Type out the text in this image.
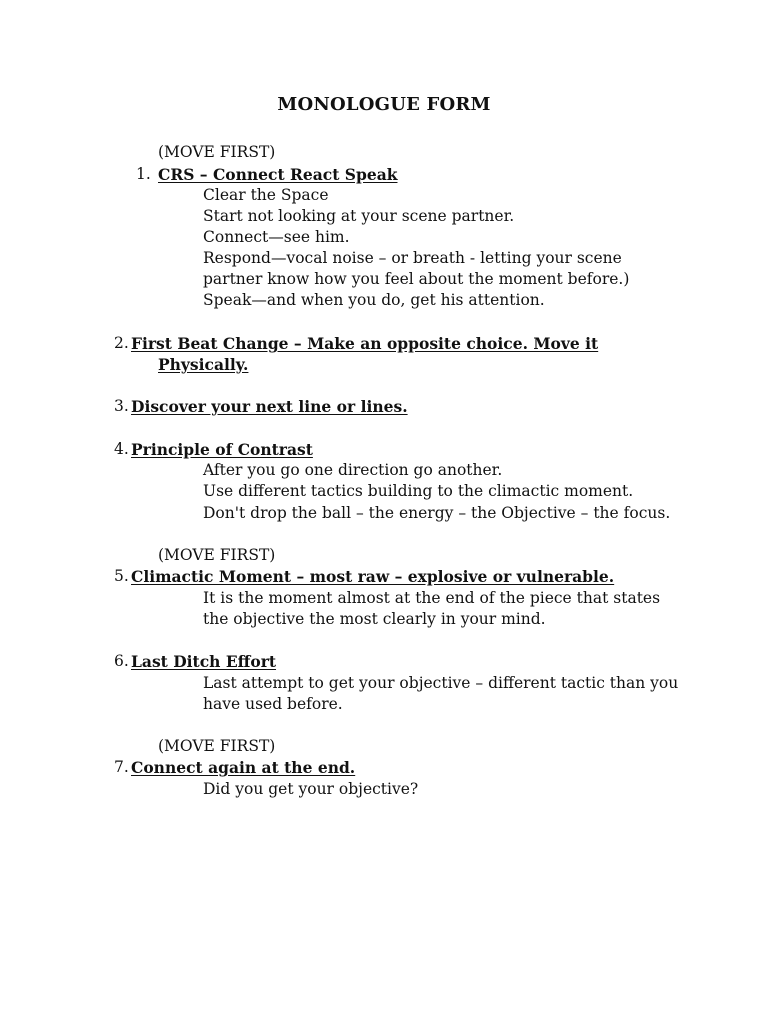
MONOLOGUE FORM
(MOVE FIRST)
1. CRS – Connect React Speak
Clear the Space
Start not looking at your scene partner.
Connect—see him.
Respond—vocal noise – or breath - letting your scene
partner know how you feel about the moment before.)
Speak—and when you do, get his attention.
2. First Beat Change – Make an opposite choice. Move it
Physically.
3. Discover your next line or lines.
4. Principle of Contrast
After you go one direction go another.
Use different tactics building to the climactic moment.
Don't drop the ball – the energy – the Objective – the focus.
(MOVE FIRST)
5. Climactic Moment – most raw – explosive or vulnerable.
It is the moment almost at the end of the piece that states
the objective the most clearly in your mind.
6. Last Ditch Effort
Last attempt to get your objective – different tactic than you
have used before.
(MOVE FIRST)
7. Connect again at the end.
Did you get your objective?
